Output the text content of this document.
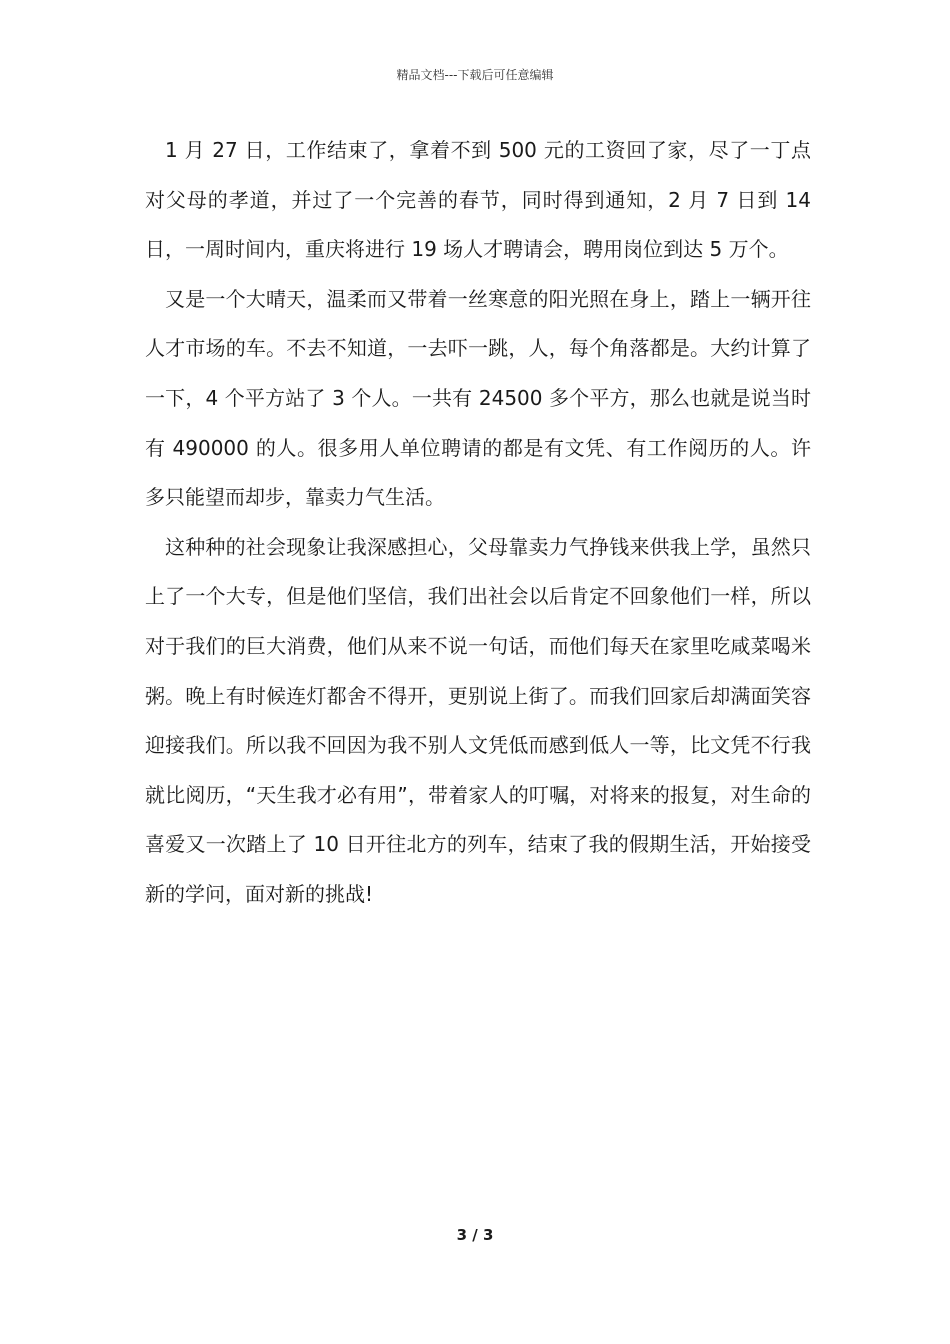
精品文档---下载后可任意编辑

1 月 27 日，工作结束了，拿着不到 500 元的工资回了家，尽了一丁点对父母的孝道，并过了一个完善的春节，同时得到通知，2 月 7 日到 14 日，一周时间内，重庆将进行 19 场人才聘请会，聘用岗位到达 5 万个。

又是一个大晴天，温柔而又带着一丝寒意的阳光照在身上，踏上一辆开往人才市场的车。不去不知道，一去吓一跳，人，每个角落都是。大约计算了一下，4 个平方站了 3 个人。一共有 24500 多个平方，那么也就是说当时有 490000 的人。很多用人单位聘请的都是有文凭、有工作阅历的人。许多只能望而却步，靠卖力气生活。

这种种的社会现象让我深感担心，父母靠卖力气挣钱来供我上学，虽然只上了一个大专，但是他们坚信，我们出社会以后肯定不回象他们一样，所以对于我们的巨大消费，他们从来不说一句话，而他们每天在家里吃咸菜喝米粥。晚上有时候连灯都舍不得开，更别说上街了。而我们回家后却满面笑容迎接我们。所以我不回因为我不别人文凭低而感到低人一等，比文凭不行我就比阅历，“天生我才必有用”，带着家人的叮嘱，对将来的报复，对生命的喜爱又一次踏上了 10 日开往北方的列车，结束了我的假期生活，开始接受新的学问，面对新的挑战!

3 / 3
